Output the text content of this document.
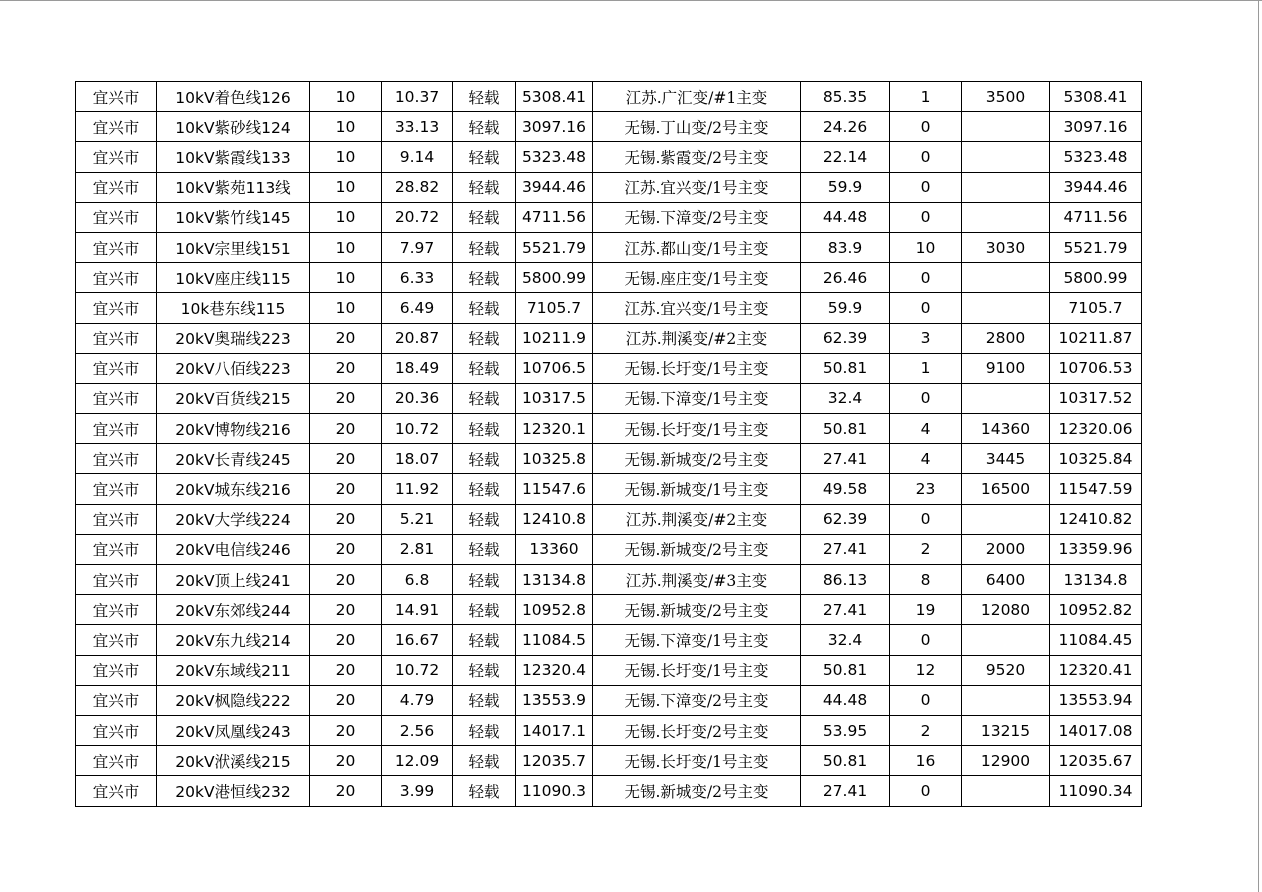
宜兴市	10kV着色线126	10	10.37	轻载	5308.41	江苏.广汇变/#1主变	85.35	1	3500	5308.41
宜兴市	10kV紫砂线124	10	33.13	轻载	3097.16	无锡.丁山变/2号主变	24.26	0		3097.16
宜兴市	10kV紫霞线133	10	9.14	轻载	5323.48	无锡.紫霞变/2号主变	22.14	0		5323.48
宜兴市	10kV紫苑113线	10	28.82	轻载	3944.46	江苏.宜兴变/1号主变	59.9	0		3944.46
宜兴市	10kV紫竹线145	10	20.72	轻载	4711.56	无锡.下漳变/2号主变	44.48	0		4711.56
宜兴市	10kV宗里线151	10	7.97	轻载	5521.79	江苏.都山变/1号主变	83.9	10	3030	5521.79
宜兴市	10kV座庄线115	10	6.33	轻载	5800.99	无锡.座庄变/1号主变	26.46	0		5800.99
宜兴市	10k巷东线115	10	6.49	轻载	7105.7	江苏.宜兴变/1号主变	59.9	0		7105.7
宜兴市	20kV奥瑞线223	20	20.87	轻载	10211.9	江苏.荆溪变/#2主变	62.39	3	2800	10211.87
宜兴市	20kV八佰线223	20	18.49	轻载	10706.5	无锡.长圩变/1号主变	50.81	1	9100	10706.53
宜兴市	20kV百货线215	20	20.36	轻载	10317.5	无锡.下漳变/1号主变	32.4	0		10317.52
宜兴市	20kV博物线216	20	10.72	轻载	12320.1	无锡.长圩变/1号主变	50.81	4	14360	12320.06
宜兴市	20kV长青线245	20	18.07	轻载	10325.8	无锡.新城变/2号主变	27.41	4	3445	10325.84
宜兴市	20kV城东线216	20	11.92	轻载	11547.6	无锡.新城变/1号主变	49.58	23	16500	11547.59
宜兴市	20kV大学线224	20	5.21	轻载	12410.8	江苏.荆溪变/#2主变	62.39	0		12410.82
宜兴市	20kV电信线246	20	2.81	轻载	13360	无锡.新城变/2号主变	27.41	2	2000	13359.96
宜兴市	20kV顶上线241	20	6.8	轻载	13134.8	江苏.荆溪变/#3主变	86.13	8	6400	13134.8
宜兴市	20kV东郊线244	20	14.91	轻载	10952.8	无锡.新城变/2号主变	27.41	19	12080	10952.82
宜兴市	20kV东九线214	20	16.67	轻载	11084.5	无锡.下漳变/1号主变	32.4	0		11084.45
宜兴市	20kV东域线211	20	10.72	轻载	12320.4	无锡.长圩变/1号主变	50.81	12	9520	12320.41
宜兴市	20kV枫隐线222	20	4.79	轻载	13553.9	无锡.下漳变/2号主变	44.48	0		13553.94
宜兴市	20kV凤凰线243	20	2.56	轻载	14017.1	无锡.长圩变/2号主变	53.95	2	13215	14017.08
宜兴市	20kV洑溪线215	20	12.09	轻载	12035.7	无锡.长圩变/1号主变	50.81	16	12900	12035.67
宜兴市	20kV港恒线232	20	3.99	轻载	11090.3	无锡.新城变/2号主变	27.41	0		11090.34
